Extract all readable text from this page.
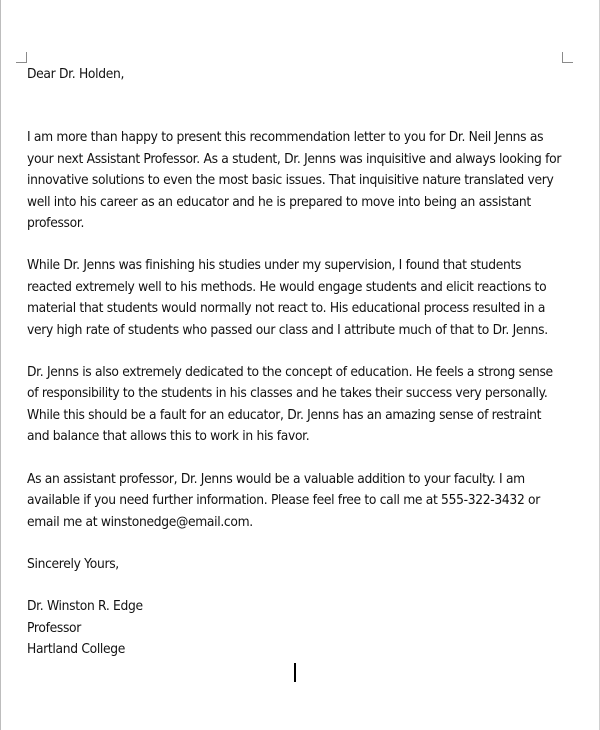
Dear Dr. Holden,

I am more than happy to present this recommendation letter to you for Dr. Neil Jenns as

your next Assistant Professor. As a student, Dr. Jenns was inquisitive and always looking for

innovative solutions to even the most basic issues. That inquisitive nature translated very

well into his career as an educator and he is prepared to move into being an assistant

professor.

While Dr. Jenns was finishing his studies under my supervision, I found that students

reacted extremely well to his methods. He would engage students and elicit reactions to

material that students would normally not react to. His educational process resulted in a

very high rate of students who passed our class and I attribute much of that to Dr. Jenns.

Dr. Jenns is also extremely dedicated to the concept of education. He feels a strong sense

of responsibility to the students in his classes and he takes their success very personally.

While this should be a fault for an educator, Dr. Jenns has an amazing sense of restraint

and balance that allows this to work in his favor.

As an assistant professor, Dr. Jenns would be a valuable addition to your faculty. I am

available if you need further information. Please feel free to call me at 555-322-3432 or

email me at winstonedge@email.com.

Sincerely Yours,

Dr. Winston R. Edge

Professor

Hartland College
